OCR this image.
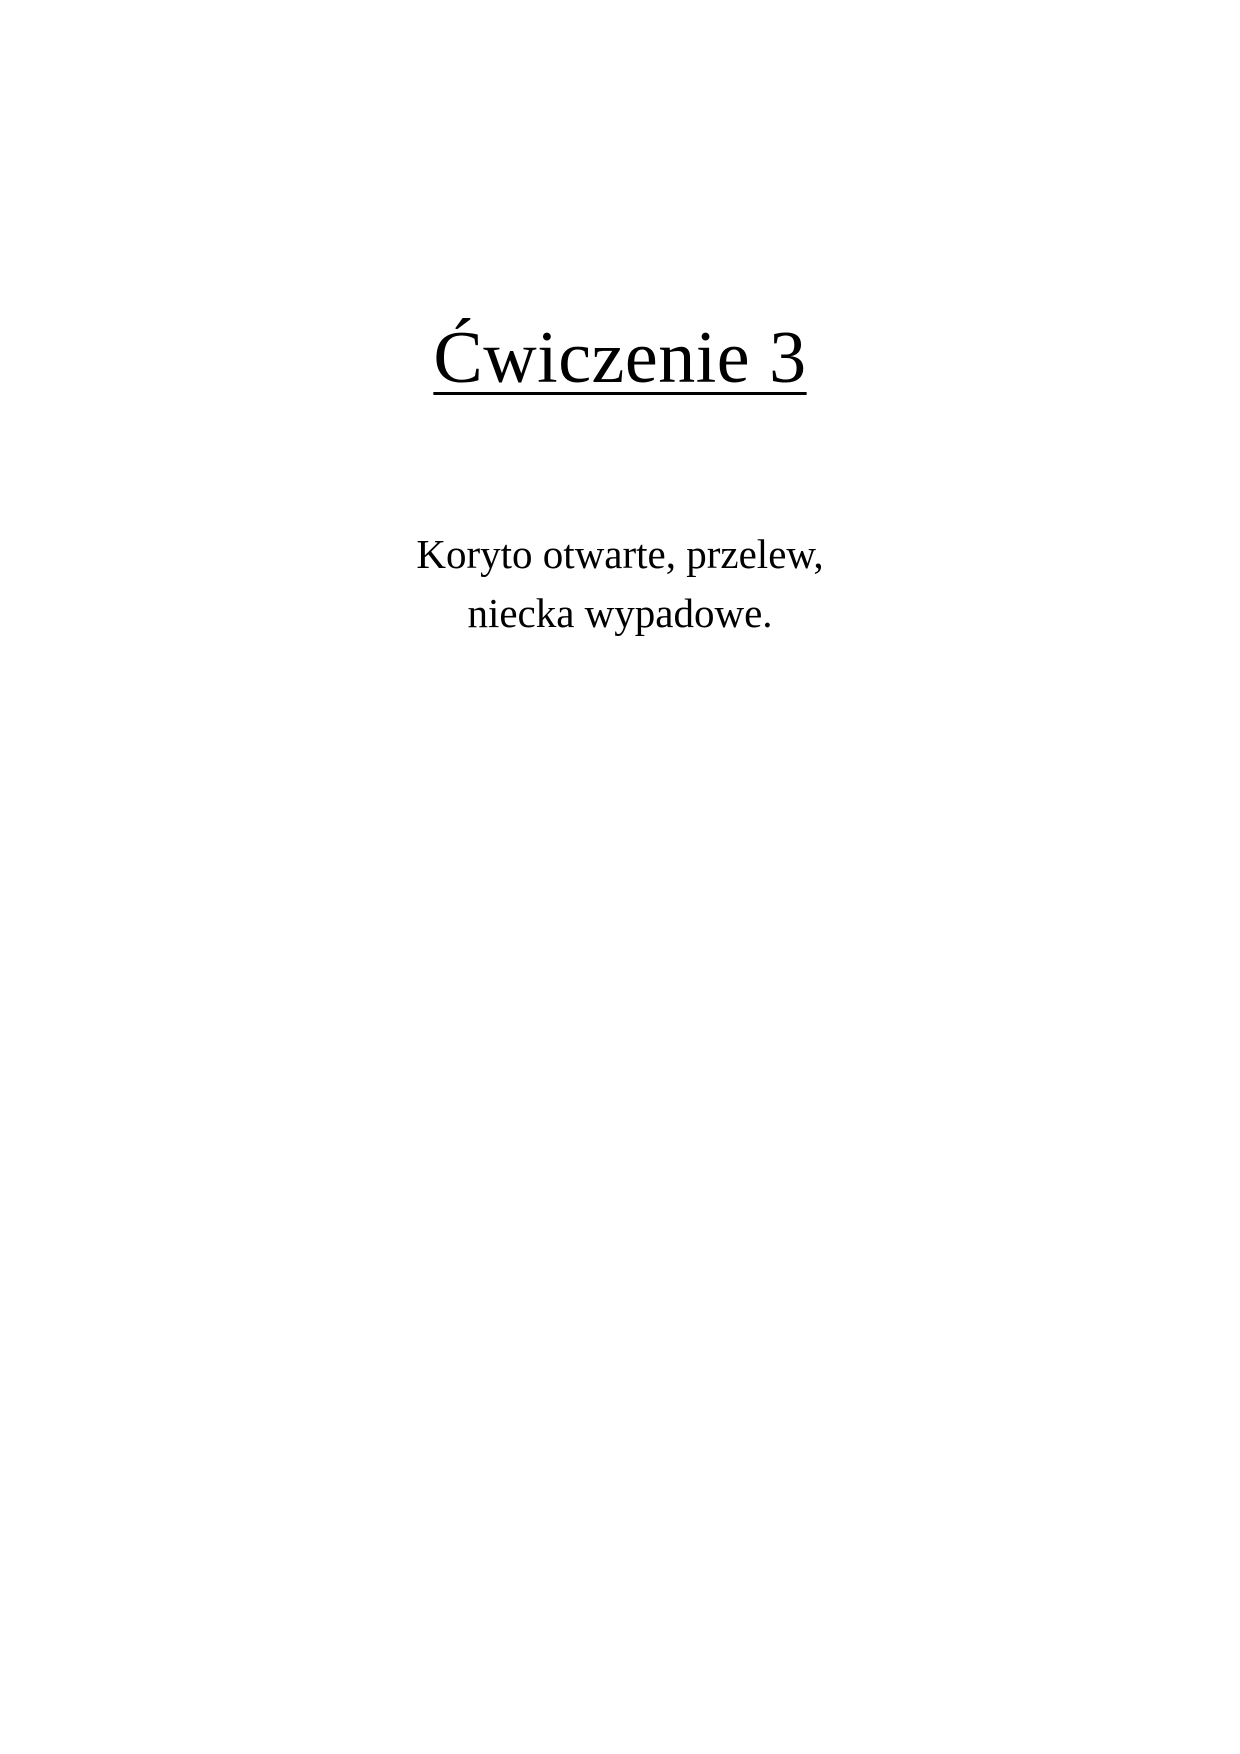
Ćwiczenie 3

Koryto otwarte, przelew,
niecka wypadowe.
